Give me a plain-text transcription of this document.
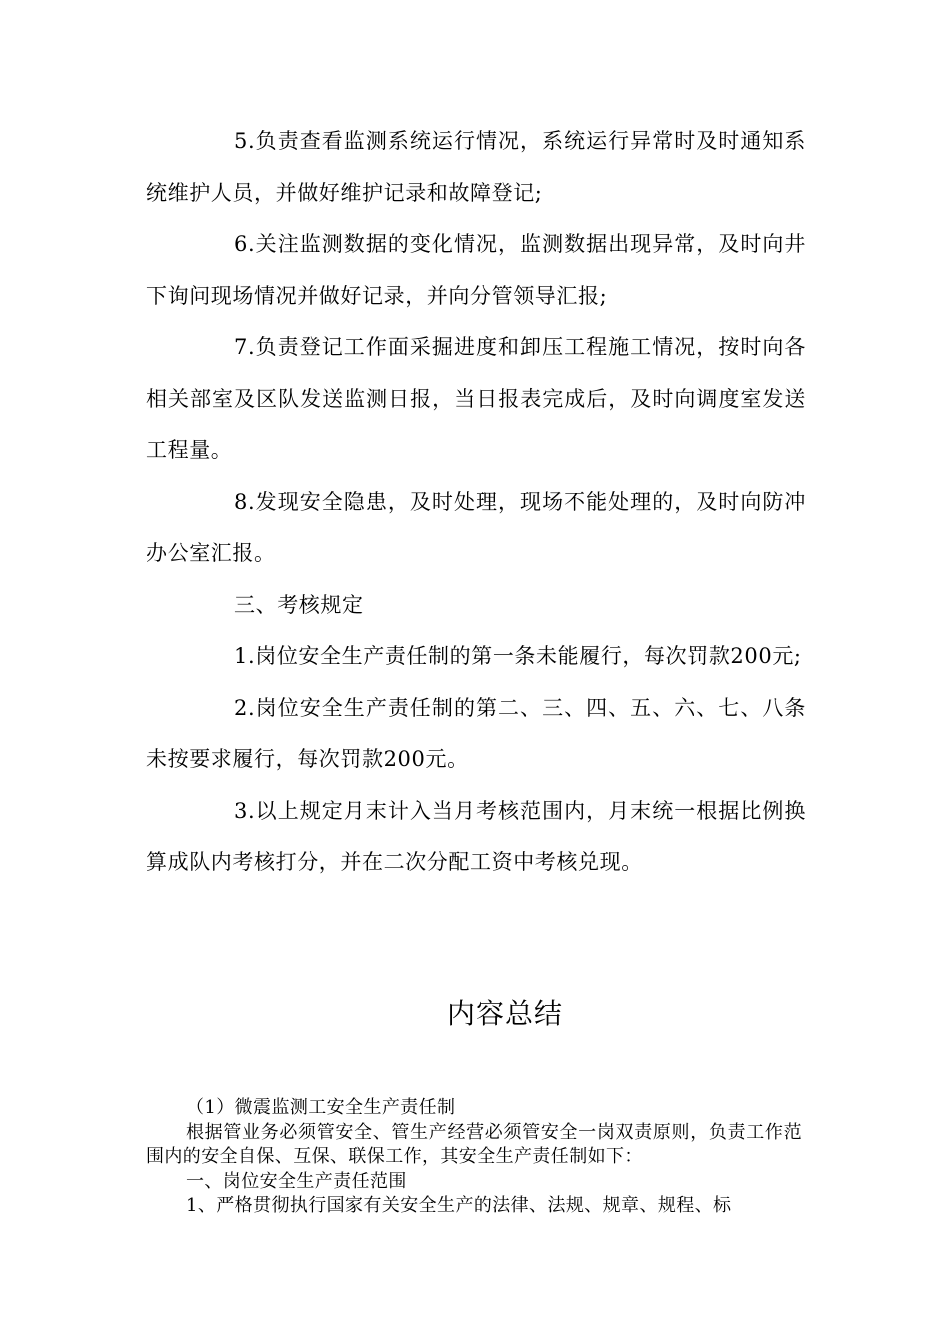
5.负责查看监测系统运行情况，系统运行异常时及时通知系统维护人员，并做好维护记录和故障登记;

6.关注监测数据的变化情况，监测数据出现异常，及时向井下询问现场情况并做好记录，并向分管领导汇报;

7.负责登记工作面采掘进度和卸压工程施工情况，按时向各相关部室及区队发送监测日报，当日报表完成后，及时向调度室发送工程量。

8.发现安全隐患，及时处理，现场不能处理的，及时向防冲办公室汇报。

三、考核规定

1.岗位安全生产责任制的第一条未能履行，每次罚款200元;

2.岗位安全生产责任制的第二、三、四、五、六、七、八条未按要求履行，每次罚款200元。

3.以上规定月末计入当月考核范围内，月末统一根据比例换算成队内考核打分，并在二次分配工资中考核兑现。

内容总结

（1）微震监测工安全生产责任制

根据管业务必须管安全、管生产经营必须管安全一岗双责原则，负责工作范围内的安全自保、互保、联保工作，其安全生产责任制如下：

一、岗位安全生产责任范围

1、严格贯彻执行国家有关安全生产的法律、法规、规章、规程、标
